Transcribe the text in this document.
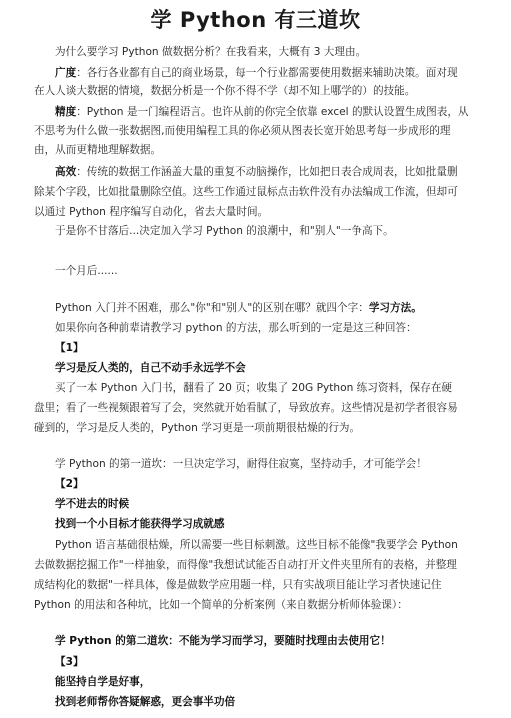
学 Python 有三道坎
为什么要学习 Python 做数据分析？在我看来，大概有 3 大理由。
广度：各行各业都有自己的商业场景，每一个行业都需要使用数据来辅助决策。面对现
在人人谈大数据的情境，数据分析是一个你不得不学（却不知上哪学的）的技能。
精度：Python 是一门编程语言。也许从前的你完全依靠 excel 的默认设置生成图表，从
不思考为什么做一张数据图,而使用编程工具的你必须从图表长宽开始思考每一步成形的理
由，从而更精地理解数据。
高效：传统的数据工作涵盖大量的重复不动脑操作，比如把日表合成周表，比如批量删
除某个字段，比如批量删除空值。这些工作通过鼠标点击软件没有办法编成工作流，但却可
以通过 Python 程序编写自动化，省去大量时间。
于是你不甘落后...决定加入学习 Python 的浪潮中，和"别人"一争高下。
一个月后......
Python 入门并不困难，那么"你"和"别人"的区别在哪？就四个字：学习方法。
如果你向各种前辈请教学习 python 的方法，那么听到的一定是这三种回答：
【1】
学习是反人类的，自己不动手永远学不会
买了一本 Python 入门书，翻看了 20 页；收集了 20G Python 练习资料，保存在硬
盘里；看了一些视频跟着写了会，突然就开始看腻了，导致放弃。这些情况是初学者很容易
碰到的，学习是反人类的，Python 学习更是一项前期很枯燥的行为。
学 Python 的第一道坎：一旦决定学习，耐得住寂寞，坚持动手，才可能学会！
【2】
学不进去的时候
找到一个小目标才能获得学习成就感
Python 语言基础很枯燥，所以需要一些目标刺激。这些目标不能像"我要学会 Python
去做数据挖掘工作"一样抽象，而得像"我想试试能否自动打开文件夹里所有的表格，并整理
成结构化的数据"一样具体，像是做数学应用题一样，只有实战项目能让学习者快速记住
Python 的用法和各种坑，比如一个简单的分析案例（来自数据分析师体验课）：
学 Python 的第二道坎：不能为学习而学习，要随时找理由去使用它！
【3】
能坚持自学是好事，
找到老师帮你答疑解惑，更会事半功倍
